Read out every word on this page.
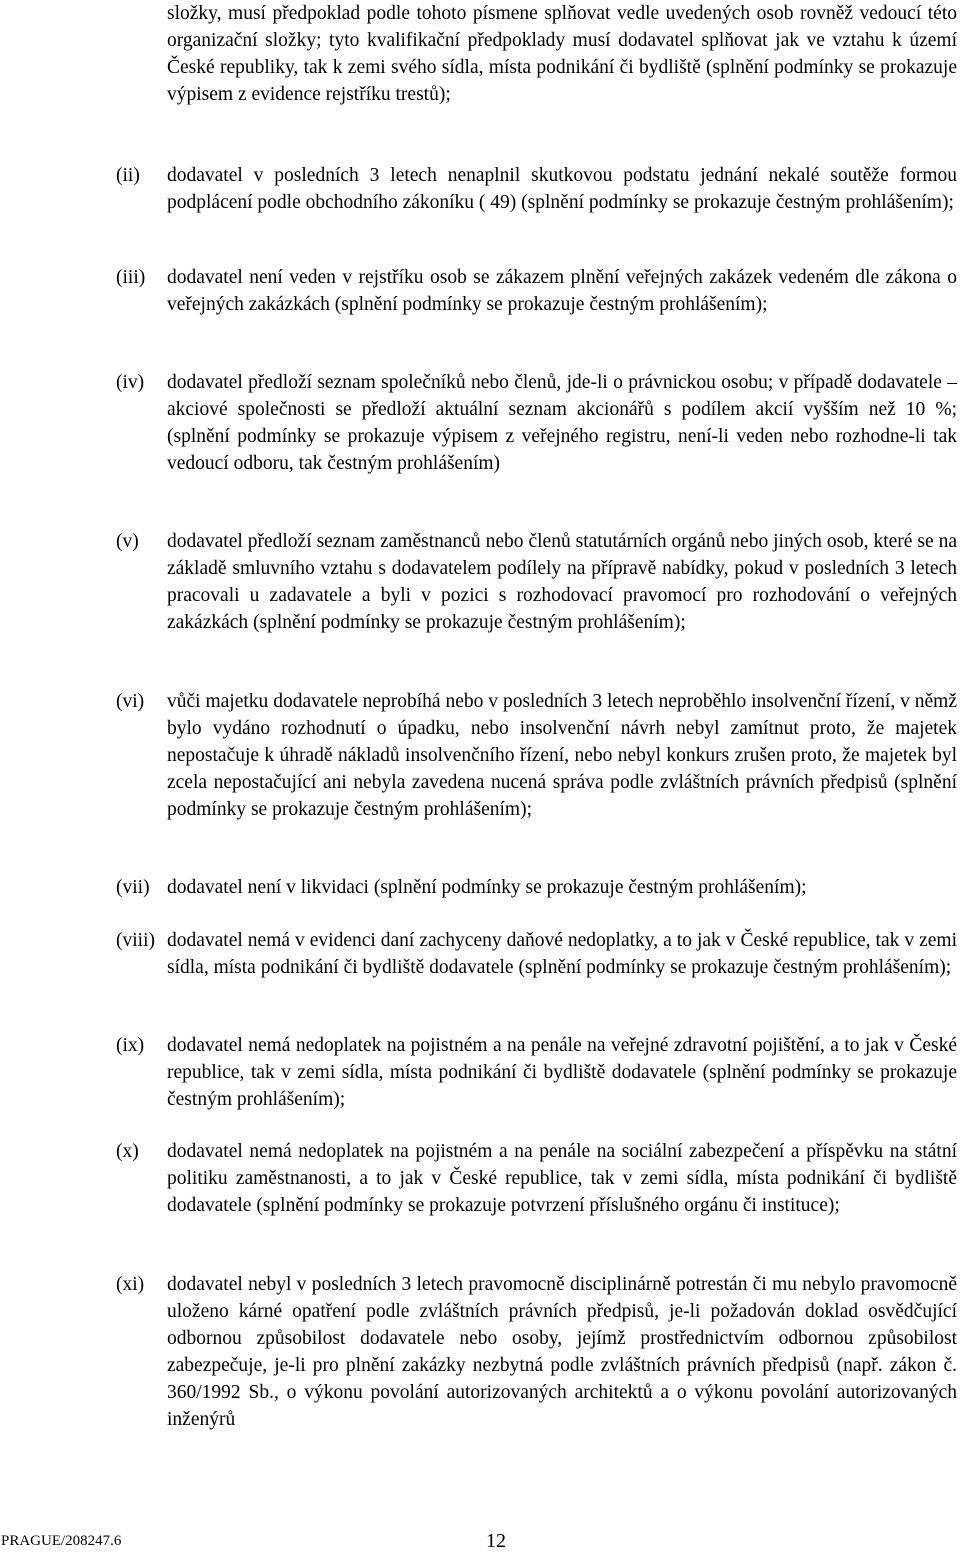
složky, musí předpoklad podle tohoto písmene splňovat vedle uvedených osob rovněž vedoucí této organizační složky; tyto kvalifikační předpoklady musí dodavatel splňovat jak ve vztahu k území České republiky, tak k zemi svého sídla, místa podnikání či bydliště (splnění podmínky se prokazuje výpisem z evidence rejstříku trestů);
(ii)	dodavatel v posledních 3 letech nenaplnil skutkovou podstatu jednání nekalé soutěže formou podplácení podle obchodního zákoníku ( 49) (splnění podmínky se prokazuje čestným prohlášením);
(iii)	dodavatel není veden v rejstříku osob se zákazem plnění veřejných zakázek vedeném dle zákona o veřejných zakázkách (splnění podmínky se prokazuje čestným prohlášením);
(iv)	dodavatel předloží seznam společníků nebo členů, jde-li o právnickou osobu; v případě dodavatele – akciové společnosti se předloží aktuální seznam akcionářů s podílem akcií vyšším než 10 %; (splnění podmínky se prokazuje výpisem z veřejného registru, není-li veden nebo rozhodne-li tak vedoucí odboru, tak čestným prohlášením)
(v)	dodavatel předloží seznam zaměstnanců nebo členů statutárních orgánů nebo jiných osob, které se na základě smluvního vztahu s dodavatelem podílely na přípravě nabídky, pokud v posledních 3 letech pracovali u zadavatele a byli v pozici s rozhodovací pravomocí pro rozhodování o veřejných zakázkách (splnění podmínky se prokazuje čestným prohlášením);
(vi)	vůči majetku dodavatele neprobíhá nebo v posledních 3 letech neproběhlo insolvenční řízení, v němž bylo vydáno rozhodnutí o úpadku, nebo insolvenční návrh nebyl zamítnut proto, že majetek nepostačuje k úhradě nákladů insolvenčního řízení, nebo nebyl konkurs zrušen proto, že majetek byl zcela nepostačující ani nebyla zavedena nucená správa podle zvláštních právních předpisů (splnění podmínky se prokazuje čestným prohlášením);
(vii) dodavatel není v likvidaci (splnění podmínky se prokazuje čestným prohlášením);
(viii) dodavatel nemá v evidenci daní zachyceny daňové nedoplatky, a to jak v České republice, tak v zemi sídla, místa podnikání či bydliště dodavatele (splnění podmínky se prokazuje čestným prohlášením);
(ix)	dodavatel nemá nedoplatek na pojistném a na penále na veřejné zdravotní pojištění, a to jak v České republice, tak v zemi sídla, místa podnikání či bydliště dodavatele (splnění podmínky se prokazuje čestným prohlášením);
(x)	dodavatel nemá nedoplatek na pojistném a na penále na sociální zabezpečení a příspěvku na státní politiku zaměstnanosti, a to jak v České republice, tak v zemi sídla, místa podnikání či bydliště dodavatele (splnění podmínky se prokazuje potvrzení příslušného orgánu či instituce);
(xi)	dodavatel nebyl v posledních 3 letech pravomocně disciplinárně potrestán či mu nebylo pravomocně uloženo kárné opatření podle zvláštních právních předpisů, je-li požadován doklad osvědčující odbornou způsobilost dodavatele nebo osoby, jejímž prostřednictvím odbornou způsobilost zabezpečuje, je-li pro plnění zakázky nezbytná podle zvláštních právních předpisů (např. zákon č. 360/1992 Sb., o výkonu povolání autorizovaných architektů a o výkonu povolání autorizovaných inženýrů
PRAGUE/208247.6	12
